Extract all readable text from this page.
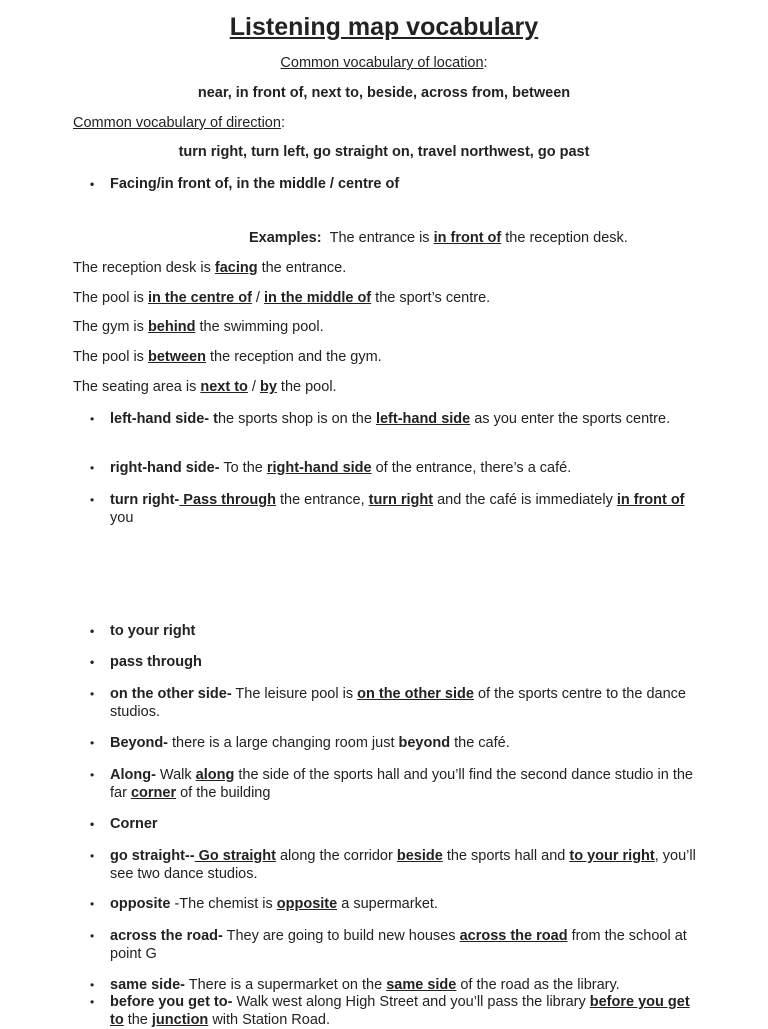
Listening map vocabulary
Common vocabulary of location:
near, in front of, next to, beside, across from, between
Common vocabulary of direction:
turn right, turn left, go straight on, travel northwest, go past
• Facing/in front of, in the middle / centre of
Examples: The entrance is in front of the reception desk.
The reception desk is facing the entrance.
The pool is in the centre of / in the middle of the sport’s centre.
The gym is behind the swimming pool.
The pool is between the reception and the gym.
The seating area is next to / by the pool.
• left-hand side- the sports shop is on the left-hand side as you enter the sports centre.
• right-hand side- To the right-hand side of the entrance, there’s a café.
• turn right- Pass through the entrance, turn right and the café is immediately in front of you
• to your right
• pass through
• on the other side- The leisure pool is on the other side of the sports centre to the dance studios.
• Beyond- there is a large changing room just beyond the café.
• Along- Walk along the side of the sports hall and you’ll find the second dance studio in the far corner of the building
• Corner
• go straight-- Go straight along the corridor beside the sports hall and to your right, you’ll see two dance studios.
• opposite -The chemist is opposite a supermarket.
• across the road- They are going to build new houses across the road from the school at point G
• same side- There is a supermarket on the same side of the road as the library.
• before you get to- Walk west along High Street and you’ll pass the library before you get to the junction with Station Road.
